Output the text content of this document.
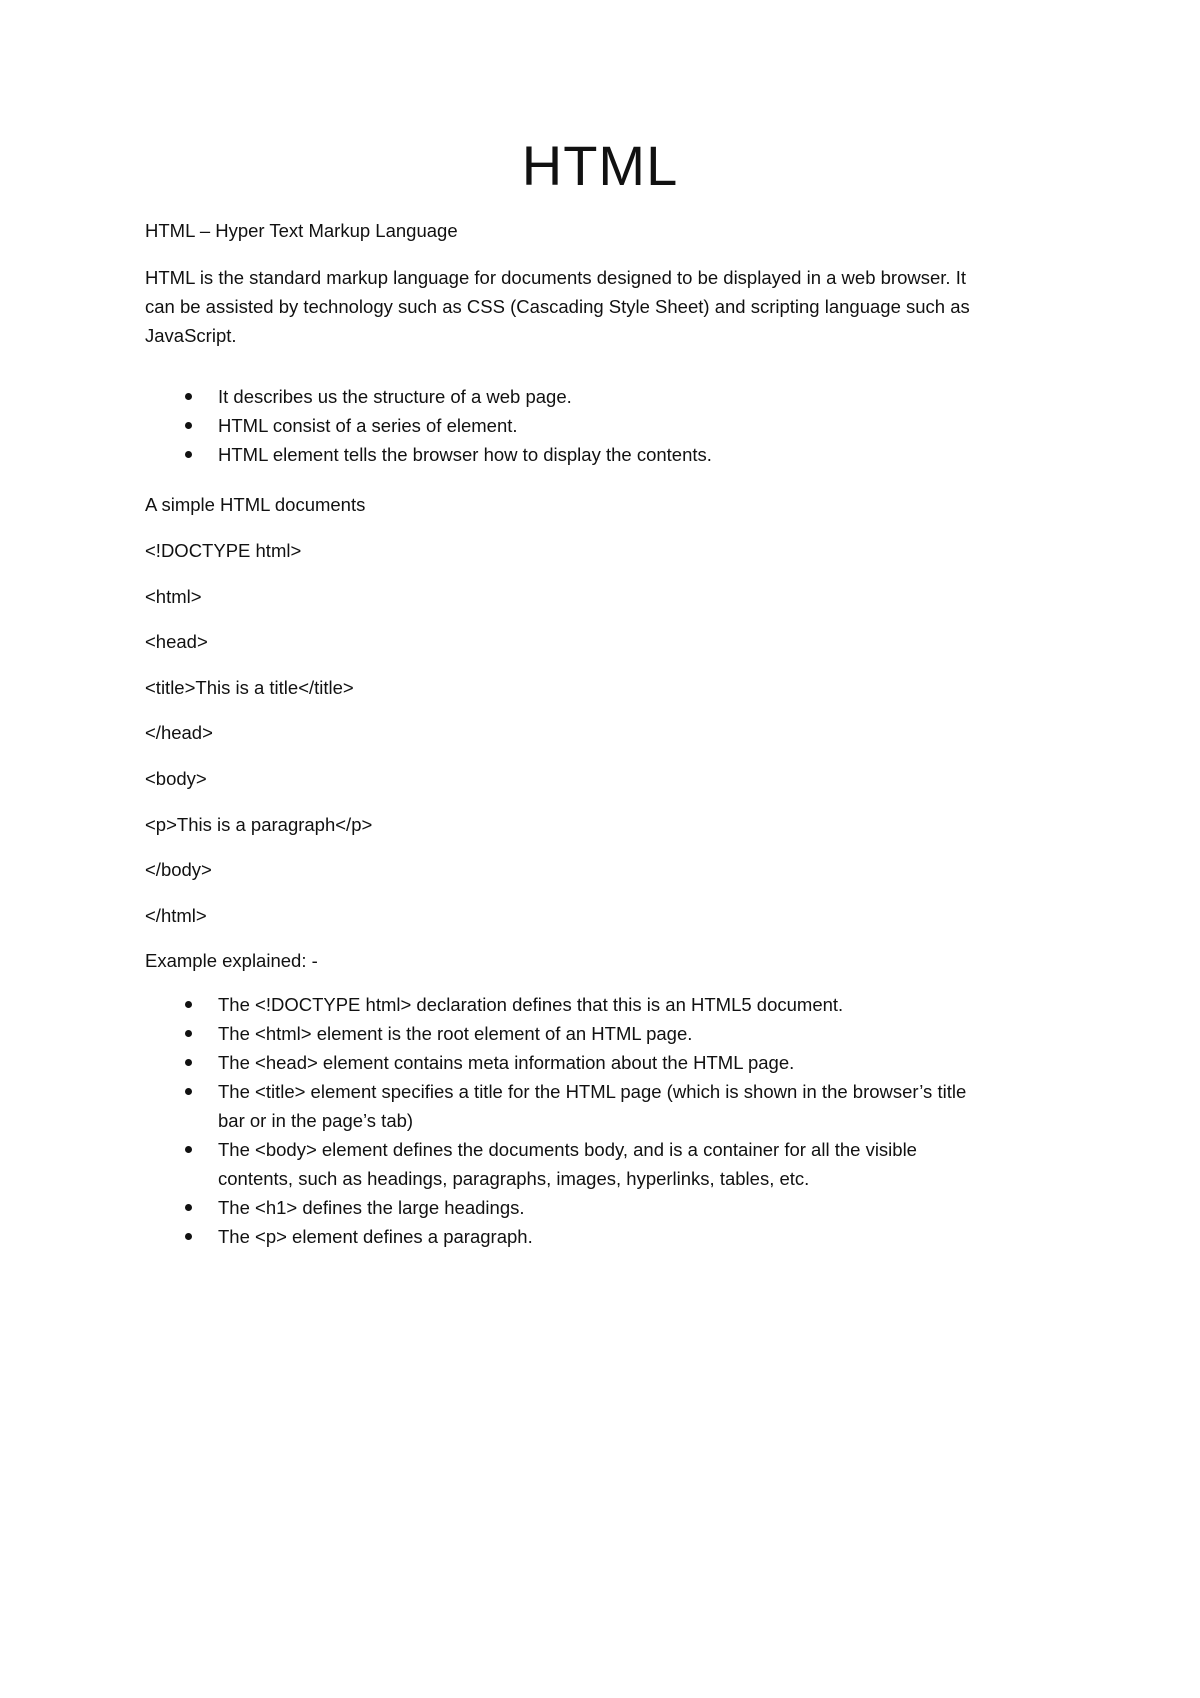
HTML
HTML – Hyper Text Markup Language
HTML is the standard markup language for documents designed to be displayed in a web browser. It
can be assisted by technology such as CSS (Cascading Style Sheet) and scripting language such as
JavaScript.
It describes us the structure of a web page.
HTML consist of a series of element.
HTML element tells the browser how to display the contents.
A simple HTML documents
<!DOCTYPE html>
<html>
<head>
<title>This is a title</title>
</head>
<body>
<p>This is a paragraph</p>
</body>
</html>
Example explained: -
The <!DOCTYPE html> declaration defines that this is an HTML5 document.
The <html> element is the root element of an HTML page.
The <head> element contains meta information about the HTML page.
The <title> element specifies a title for the HTML page (which is shown in the browser’s title
bar or in the page’s tab)
The <body> element defines the documents body, and is a container for all the visible
contents, such as headings, paragraphs, images, hyperlinks, tables, etc.
The <h1> defines the large headings.
The <p> element defines a paragraph.
